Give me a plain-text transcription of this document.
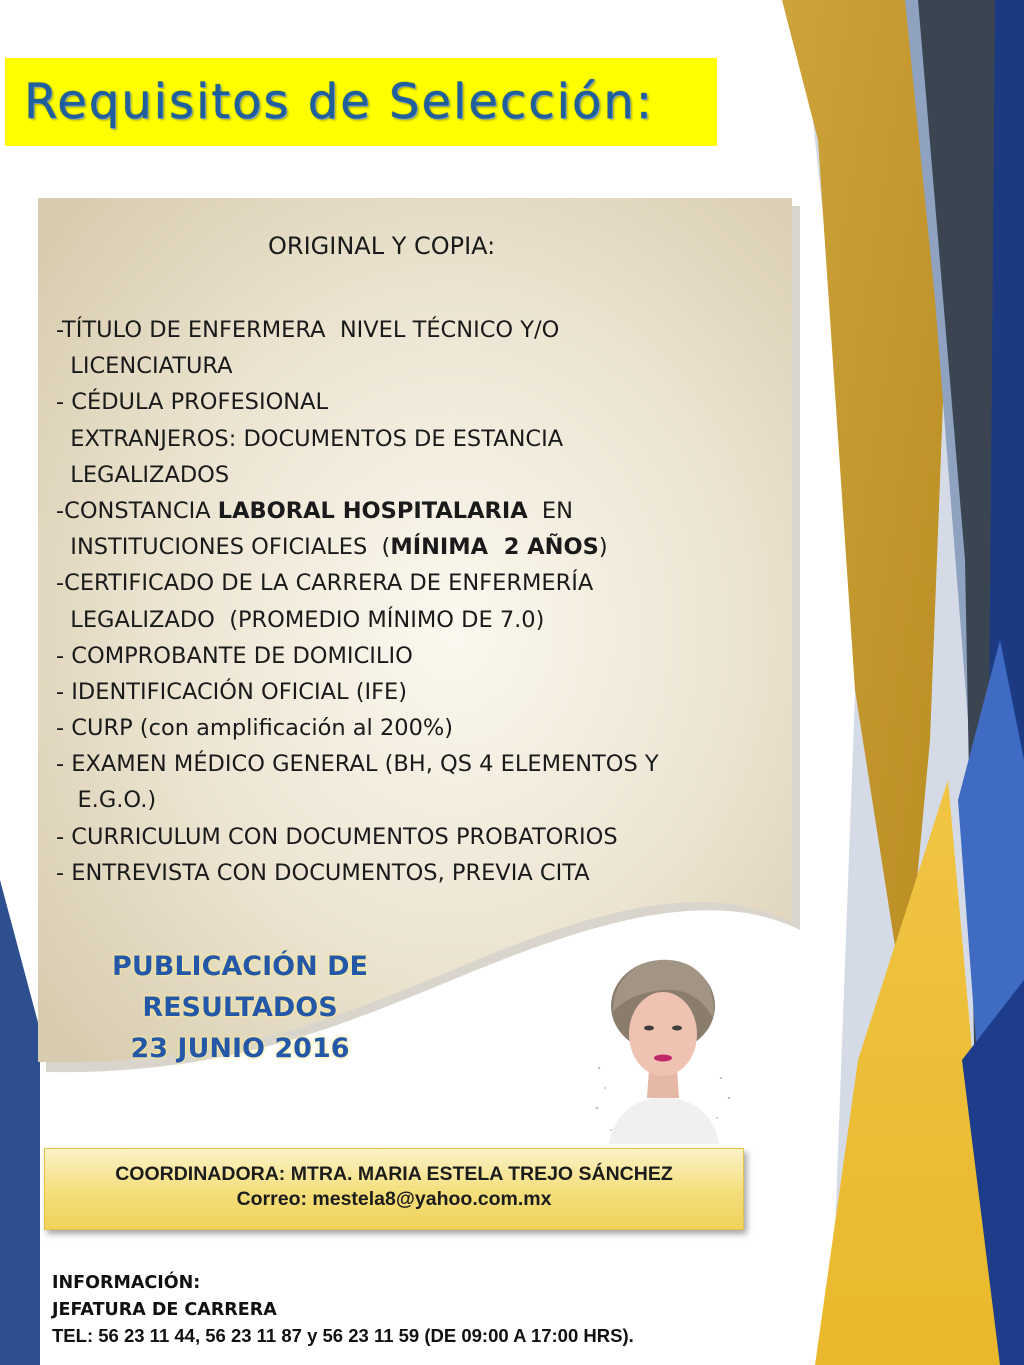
Requisitos de Selección:
ORIGINAL Y COPIA:
-TÍTULO DE ENFERMERA  NIVEL TÉCNICO Y/O
LICENCIATURA
- CÉDULA PROFESIONAL
EXTRANJEROS: DOCUMENTOS DE ESTANCIA
LEGALIZADOS
-CONSTANCIA LABORAL HOSPITALARIA  EN
INSTITUCIONES OFICIALES  (MÍNIMA  2 AÑOS)
-CERTIFICADO DE LA CARRERA DE ENFERMERÍA
LEGALIZADO  (PROMEDIO MÍNIMO DE 7.0)
- COMPROBANTE DE DOMICILIO
- IDENTIFICACIÓN OFICIAL (IFE)
- CURP (con amplificación al 200%)
- EXAMEN MÉDICO GENERAL (BH, QS 4 ELEMENTOS Y
E.G.O.)
- CURRICULUM CON DOCUMENTOS PROBATORIOS
- ENTREVISTA CON DOCUMENTOS, PREVIA CITA
PUBLICACIÓN DE
RESULTADOS
23 JUNIO 2016
COORDINADORA: MTRA. MARIA ESTELA TREJO SÁNCHEZ
Correo: mestela8@yahoo.com.mx
INFORMACIÓN:
JEFATURA DE CARRERA
TEL: 56 23 11 44, 56 23 11 87 y 56 23 11 59 (DE 09:00 A 17:00 HRS).
